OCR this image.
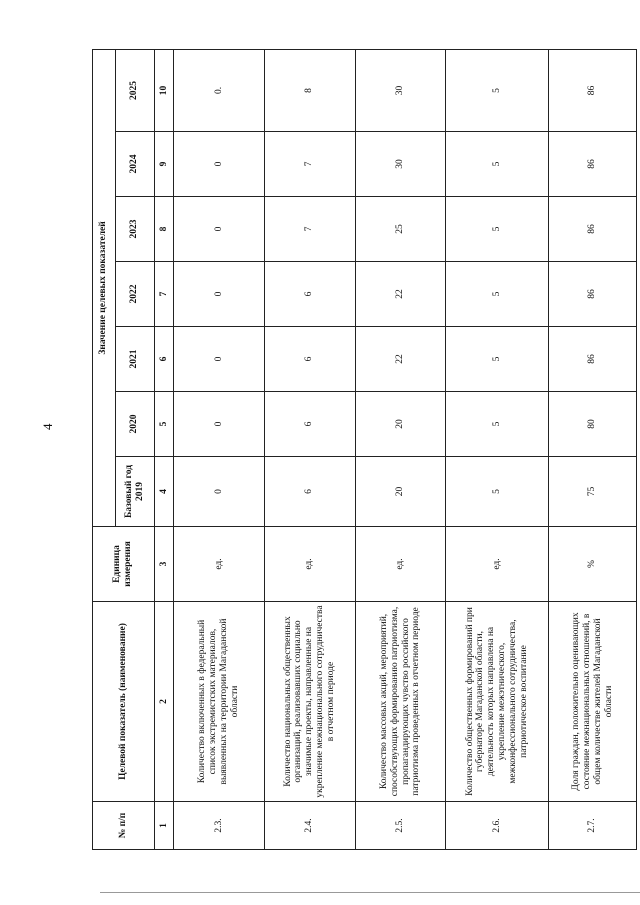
4
№ п/п	Целевой показатель (наименование)	Единица измерения	Значение целевых показателей						
			Базовый год 2019	2020	2021	2022	2023	2024	2025
1	2	3	4	5	6	7	8	9	10
2.3.	Количество включенных в федеральный список экстремистских материалов, выявленных на территории Магаданской области	ед.	0	0	0	0	0	0	0.
2.4.	Количество национальных общественных организаций, реализовавших социально значимые проекты, направленные на укрепление межнационального сотрудничества в отчетном периоде	ед.	6	6	6	6	7	7	8
2.5.	Количество массовых акций, мероприятий, способствующих формированию патриотизма, пропагандирующих чувство российского патриотизма проведенных в отчетном периоде	ед.	20	20	22	22	25	30	30
2.6.	Количество общественных формирований при губернаторе Магаданской области, деятельность которых направлена на укрепление межэтнического, межконфессионального сотрудничества, патриотическое воспитание	ед.	5	5	5	5	5	5	5
2.7.	Доля граждан, положительно оценивающих состояние межнациональных отношений, в общем количестве жителей Магаданской области	%	75	80	86	86	86	86	86
